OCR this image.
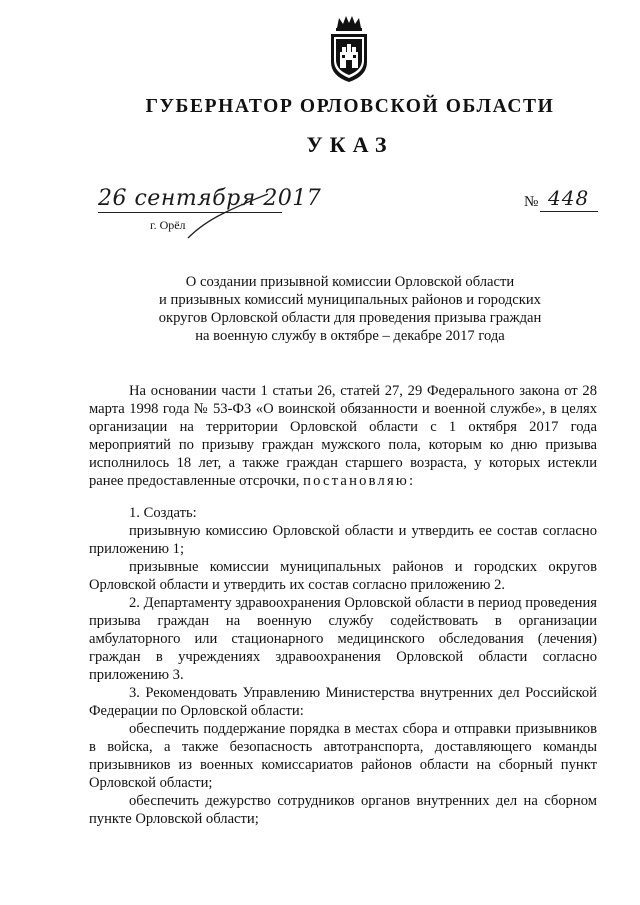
ГУБЕРНАТОР ОРЛОВСКОЙ ОБЛАСТИ
УКАЗ
26 сентября 2017
г. Орёл
№ 448
О создании призывной комиссии Орловской области
и призывных комиссий муниципальных районов и городских
округов Орловской области для проведения призыва граждан
на военную службу в октябре – декабре 2017 года

На основании части 1 статьи 26, статей 27, 29 Федерального закона от 28 марта 1998 года № 53-ФЗ «О воинской обязанности и военной службе», в целях организации на территории Орловской области с 1 октября 2017 года мероприятий по призыву граждан мужского пола, которым ко дню призыва исполнилось 18 лет, а также граждан старшего возраста, у которых истекли ранее предоставленные отсрочки, постановляю:

1. Создать:

призывную комиссию Орловской области и утвердить ее состав согласно приложению 1;

призывные комиссии муниципальных районов и городских округов Орловской области и утвердить их состав согласно приложению 2.

2. Департаменту здравоохранения Орловской области в период проведения призыва граждан на военную службу содействовать в организации амбулаторного или стационарного медицинского обследования (лечения) граждан в учреждениях здравоохранения Орловской области согласно приложению 3.

3. Рекомендовать Управлению Министерства внутренних дел Российской Федерации по Орловской области:

обеспечить поддержание порядка в местах сбора и отправки призывников в войска, а также безопасность автотранспорта, доставляющего команды призывников из военных комиссариатов районов области на сборный пункт Орловской области;

обеспечить дежурство сотрудников органов внутренних дел на сборном пункте Орловской области;
